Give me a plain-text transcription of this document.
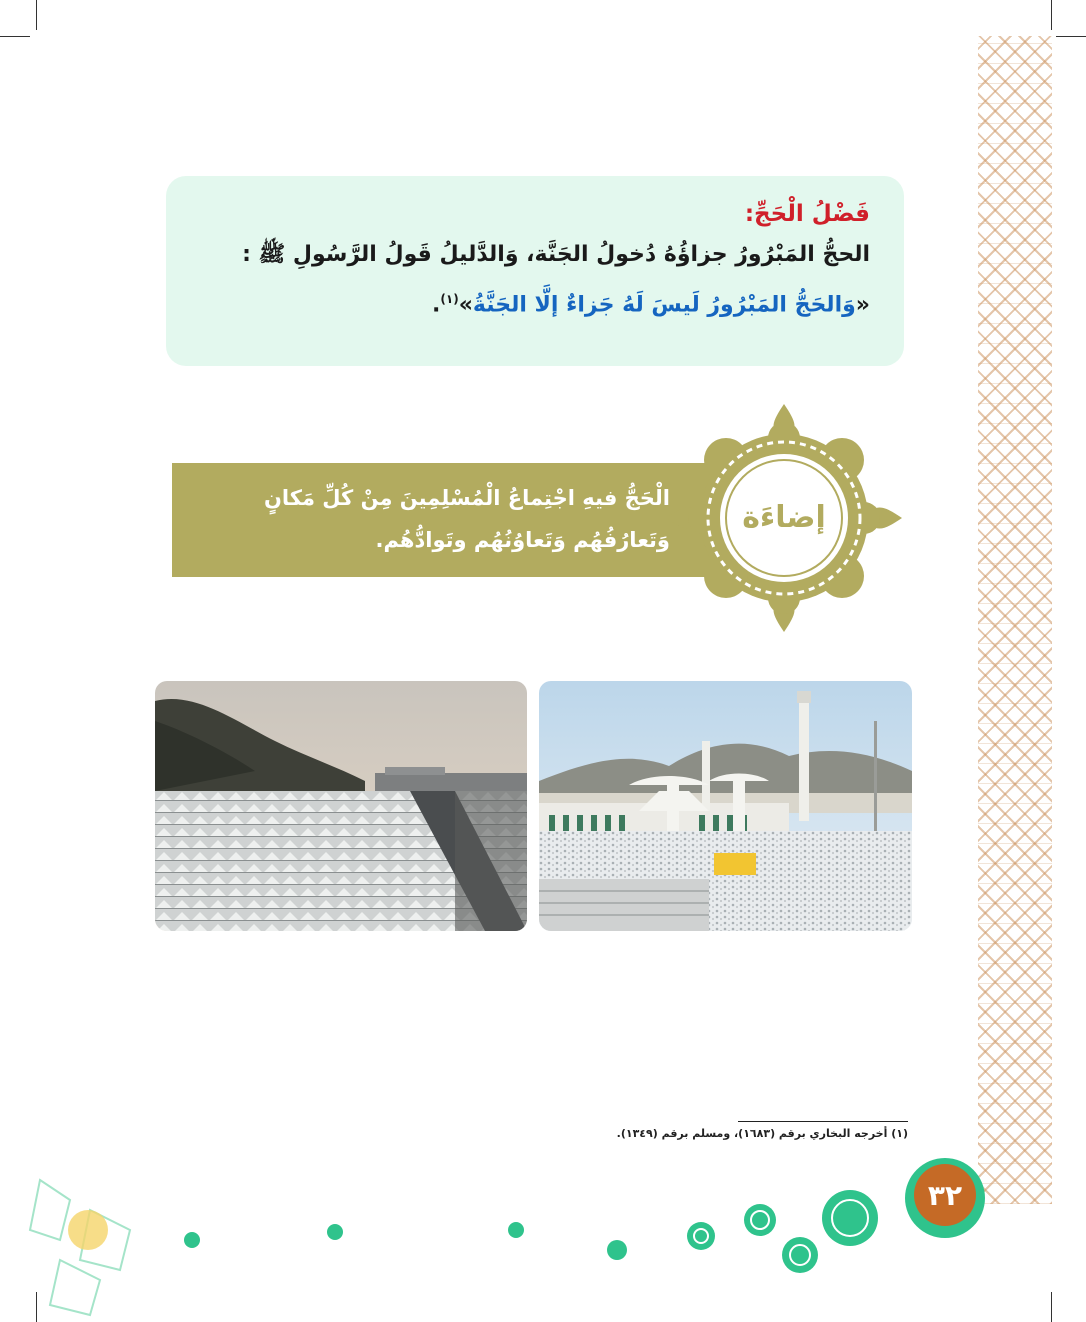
فَضْلُ الْحَجِّ:
الحجُّ المَبْرُورُ جزاؤُهُ دُخولُ الجَنَّة، وَالدَّليلُ قَولُ الرَّسُولِ ﷺ :
«وَالحَجُّ المَبْرُورُ لَيسَ لَهُ جَزاءٌ إلَّا الجَنَّةُ»$^{(١)}$.
الْحَجُّ فيهِ اجْتِماعُ الْمُسْلِمِينَ مِنْ كُلِّ مَكانٍ وَتَعارُفُهُم وَتَعاوُنُهُم وتَوادُّهُم.
إضاءَة
(١) أخرجه البخاري برقم (١٦٨٣)، ومسلم برقم (١٣٤٩).
٣٢
